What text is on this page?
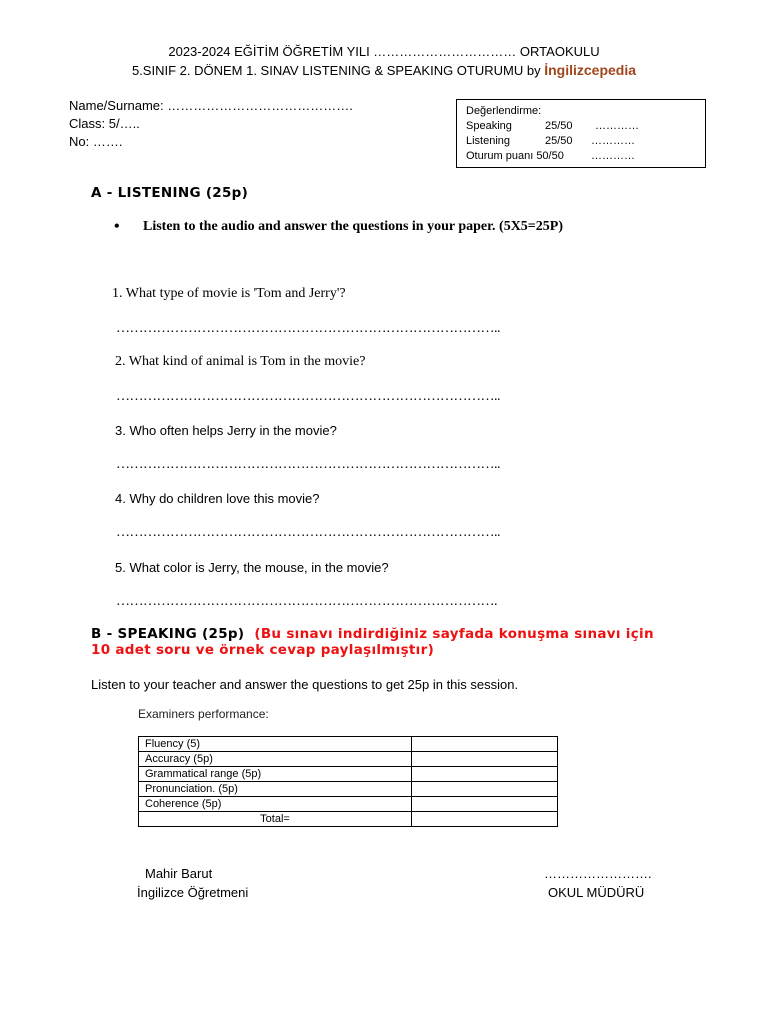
2023-2024 EĞİTİM ÖĞRETİM YILI …………………………… ORTAOKULU
5.SINIF 2. DÖNEM 1. SINAV LISTENING & SPEAKING OTURUMU by İngilizcepedia
Name/Surname: …………………………………….
Class: 5/…..
No: …….
Değerlendirme:
Speaking	25/50 …………
Listening	25/50 …………
Oturum puanı 50/50 …………
A - LISTENING (25p)
• Listen to the audio and answer the questions in your paper. (5X5=25P)
1. What type of movie is 'Tom and Jerry'?
…………………………………………………………………………..
2. What kind of animal is Tom in the movie?
…………………………………………………………………………..
3. Who often helps Jerry in the movie?
…………………………………………………………………………..
4. Why do children love this movie?
…………………………………………………………………………..
5. What color is Jerry, the mouse, in the movie?
………………………………………………………………………….
B - SPEAKING (25p) (Bu sınavı indirdiğiniz sayfada konuşma sınavı için
10 adet soru ve örnek cevap paylaşılmıştır)
Listen to your teacher and answer the questions to get 25p in this session.
Examiners performance:
Fluency (5)	
Accuracy (5p)	
Grammatical range (5p)	
Pronunciation. (5p)	
Coherence (5p)	
Total=	
Mahir Barut
İngilizce Öğretmeni
…………………….
OKUL MÜDÜRÜ
